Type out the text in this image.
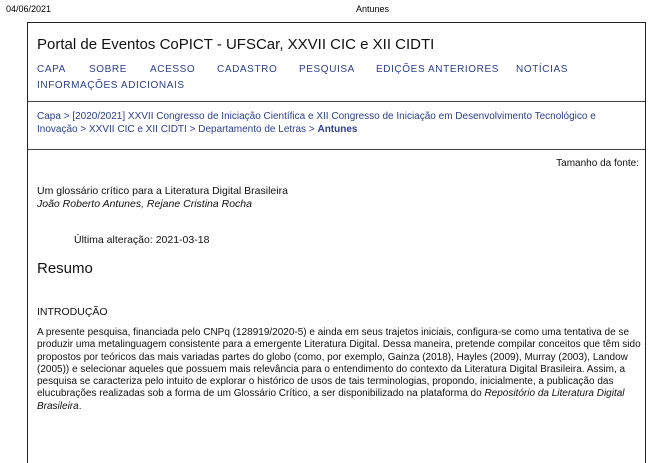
04/06/2021	Antunes
Portal de Eventos CoPICT - UFSCar, XXVII CIC e XII CIDTI
CAPA SOBRE ACESSO CADASTRO PESQUISA EDIÇÕES ANTERIORES NOTÍCIAS
INFORMAÇÕES ADICIONAIS
Capa > [2020/2021] XXVII Congresso de Iniciação Científica e XII Congresso de Iniciação em Desenvolvimento Tecnológico e Inovação > XXVII CIC e XII CIDTI > Departamento de Letras > Antunes
Tamanho da fonte:
Um glossário crítico para a Literatura Digital Brasileira
João Roberto Antunes, Rejane Cristina Rocha
Última alteração: 2021-03-18
Resumo
INTRODUÇÃO
A presente pesquisa, financiada pelo CNPq (128919/2020-5) e ainda em seus trajetos iniciais, configura-se como uma tentativa de se produzir uma metalinguagem consistente para a emergente Literatura Digital. Dessa maneira, pretende compilar conceitos que têm sido propostos por teóricos das mais variadas partes do globo (como, por exemplo, Gainza (2018), Hayles (2009), Murray (2003), Landow (2005)) e selecionar aqueles que possuem mais relevância para o entendimento do contexto da Literatura Digital Brasileira. Assim, a pesquisa se caracteriza pelo intuito de explorar o histórico de usos de tais terminologias, propondo, inicialmente, a publicação das elucubrações realizadas sob a forma de um Glossário Crítico, a ser disponibilizado na plataforma do Repositório da Literatura Digital Brasileira.
